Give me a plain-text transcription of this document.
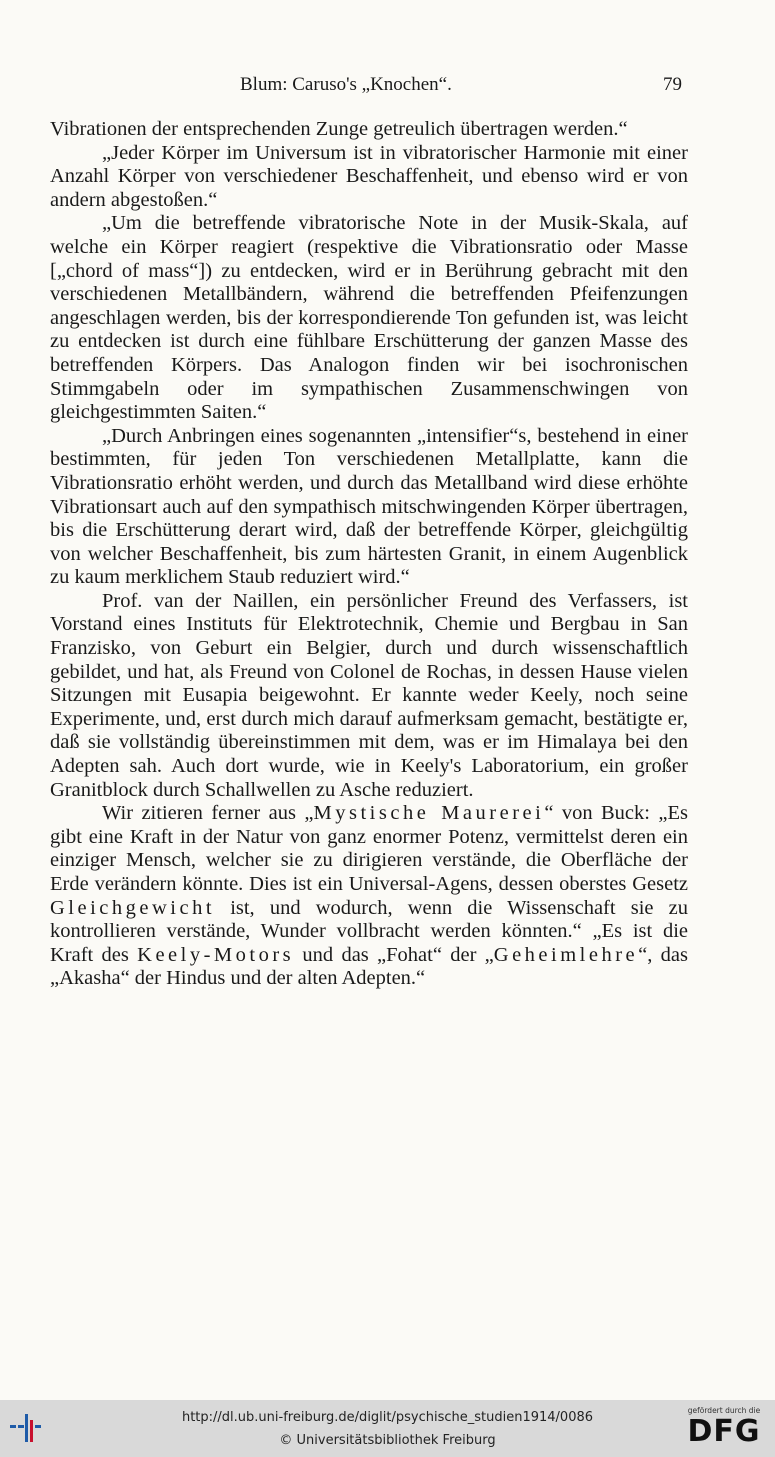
Blum: Caruso's „Knochen“.	79

Vibrationen der entsprechenden Zunge getreulich übertragen werden.“

„Jeder Körper im Universum ist in vibratorischer Harmonie mit einer Anzahl Körper von verschiedener Beschaffenheit, und ebenso wird er von andern abgestoßen.“

„Um die betreffende vibratorische Note in der Musik-Skala, auf welche ein Körper reagiert (respektive die Vibrationsratio oder Masse [„chord of mass“]) zu entdecken, wird er in Berührung gebracht mit den verschiedenen Metallbändern, während die betreffenden Pfeifenzungen angeschlagen werden, bis der korrespondierende Ton gefunden ist, was leicht zu entdecken ist durch eine fühlbare Erschütterung der ganzen Masse des betreffenden Körpers. Das Analogon finden wir bei isochronischen Stimmgabeln oder im sympathischen Zusammenschwingen von gleichgestimmten Saiten.“

„Durch Anbringen eines sogenannten „intensifier“s, bestehend in einer bestimmten, für jeden Ton verschiedenen Metallplatte, kann die Vibrationsratio erhöht werden, und durch das Metallband wird diese erhöhte Vibrationsart auch auf den sympathisch mitschwingenden Körper übertragen, bis die Erschütterung derart wird, daß der betreffende Körper, gleichgültig von welcher Beschaffenheit, bis zum härtesten Granit, in einem Augenblick zu kaum merklichem Staub reduziert wird.“

Prof. van der Naillen, ein persönlicher Freund des Verfassers, ist Vorstand eines Instituts für Elektrotechnik, Chemie und Bergbau in San Franzisko, von Geburt ein Belgier, durch und durch wissenschaftlich gebildet, und hat, als Freund von Colonel de Rochas, in dessen Hause vielen Sitzungen mit Eusapia beigewohnt. Er kannte weder Keely, noch seine Experimente, und, erst durch mich darauf aufmerksam gemacht, bestätigte er, daß sie vollständig übereinstimmen mit dem, was er im Himalaya bei den Adepten sah. Auch dort wurde, wie in Keely's Laboratorium, ein großer Granitblock durch Schallwellen zu Asche reduziert.

Wir zitieren ferner aus „Mystische Maurerei“ von Buck: „Es gibt eine Kraft in der Natur von ganz enormer Potenz, vermittelst deren ein einziger Mensch, welcher sie zu dirigieren verstände, die Oberfläche der Erde verändern könnte. Dies ist ein Universal-Agens, dessen oberstes Gesetz Gleichgewicht ist, und wodurch, wenn die Wissenschaft sie zu kontrollieren verstände, Wunder vollbracht werden könnten.“ „Es ist die Kraft des Keely-Motors und das „Fohat“ der „Geheimlehre“, das „Akasha“ der Hindus und der alten Adepten.“

http://dl.ub.uni-freiburg.de/diglit/psychische_studien1914/0086
© Universitätsbibliothek Freiburg
gefördert durch die
DFG
